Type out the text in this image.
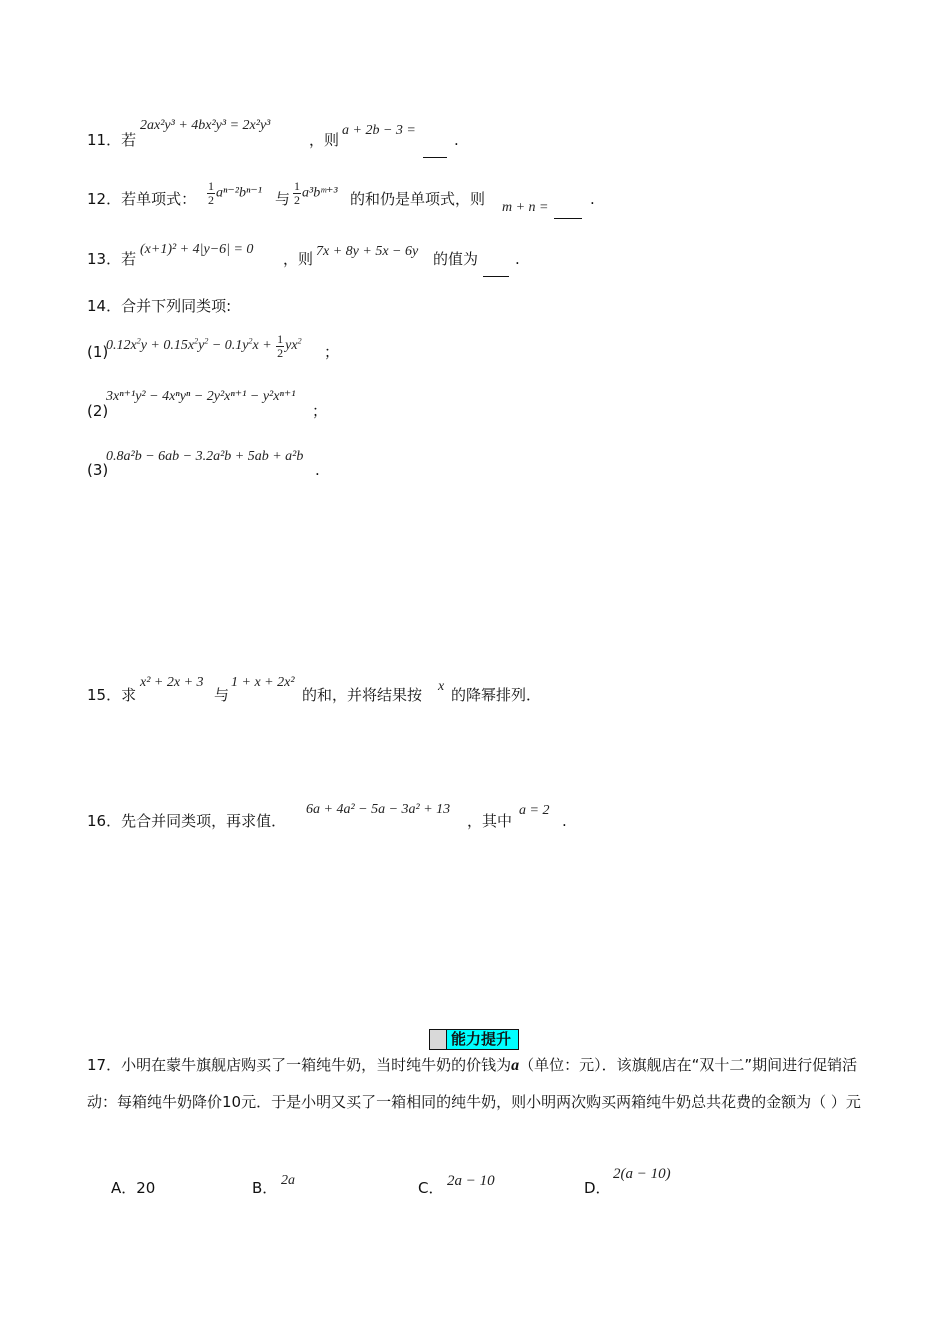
11．若
2ax²y³ + 4bx²y³ = 2x²y³
，则
a + 2b − 3 =
.
12．若单项式： $\frac{1}{2} a^{n-2}b^{n-1}$ 与 $\frac{1}{2}$ a³bᵐ⁺³ 的和仍是单项式，则 m + n =	.
13．若
(x+1)² + 4|y−6| = 0
，则 7x + 8y + 5x − 6y 的值为 .
14．合并下列同类项:
(1)
$0.12x^2y + 0.15x^2y^2 - 0.1y^2x + \frac{1}{2} yx^2$
；
(2)
3xⁿ⁺¹y² − 4xⁿyⁿ − 2y²xⁿ⁺¹ − y²xⁿ⁺¹
；
(3)
0.8a²b − 6ab − 3.2a²b + 5ab + a²b
.
15．求
x² + 2x + 3
与
1 + x + 2x²
的和，并将结果按 x 的降幂排列．
16．先合并同类项，再求值．
6a + 4a² − 5a − 3a² + 13
，其中
a = 2
.
能力提升
17．小明在蒙牛旗舰店购买了一箱纯牛奶，当时纯牛奶的价钱为a（单位：元）．该旗舰店在“双十二”期间进行促销活动：每箱纯牛奶降价10元．于是小明又买了一箱相同的纯牛奶，则小明两次购买两箱纯牛奶总共花费的金额为（ ）元
A．20	B． 2a	C． 2a − 10	D．
2(a − 10)
